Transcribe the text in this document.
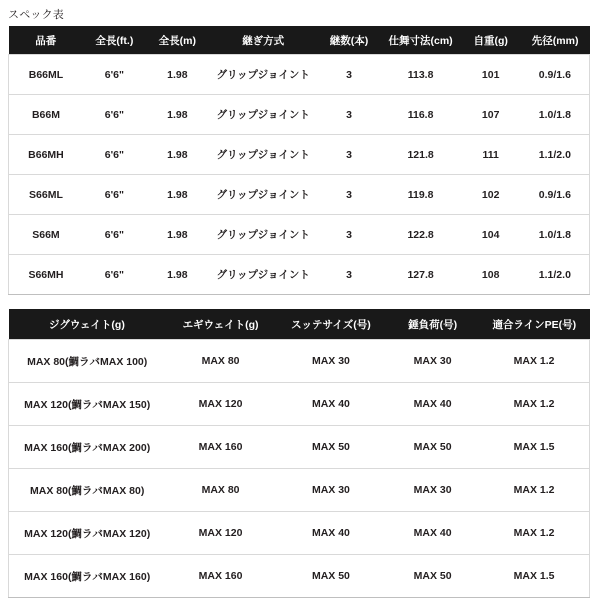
スペック表
品番	全長(ft.)	全長(m)	継ぎ方式	継数(本)	仕舞寸法(cm)	自重(g)	先径(mm)
B66ML	6'6"	1.98	グリップジョイント	3	113.8	101	0.9/1.6
B66M	6'6"	1.98	グリップジョイント	3	116.8	107	1.0/1.8
B66MH	6'6"	1.98	グリップジョイント	3	121.8	111	1.1/2.0
S66ML	6'6"	1.98	グリップジョイント	3	119.8	102	0.9/1.6
S66M	6'6"	1.98	グリップジョイント	3	122.8	104	1.0/1.8
S66MH	6'6"	1.98	グリップジョイント	3	127.8	108	1.1/2.0
ジグウェイト(g)	エギウェイト(g)	スッテサイズ(号)	錘負荷(号)	適合ラインPE(号)
MAX 80(鯛ラバMAX 100)	MAX 80	MAX 30	MAX 30	MAX 1.2
MAX 120(鯛ラバMAX 150)	MAX 120	MAX 40	MAX 40	MAX 1.2
MAX 160(鯛ラバMAX 200)	MAX 160	MAX 50	MAX 50	MAX 1.5
MAX 80(鯛ラバMAX 80)	MAX 80	MAX 30	MAX 30	MAX 1.2
MAX 120(鯛ラバMAX 120)	MAX 120	MAX 40	MAX 40	MAX 1.2
MAX 160(鯛ラバMAX 160)	MAX 160	MAX 50	MAX 50	MAX 1.5
